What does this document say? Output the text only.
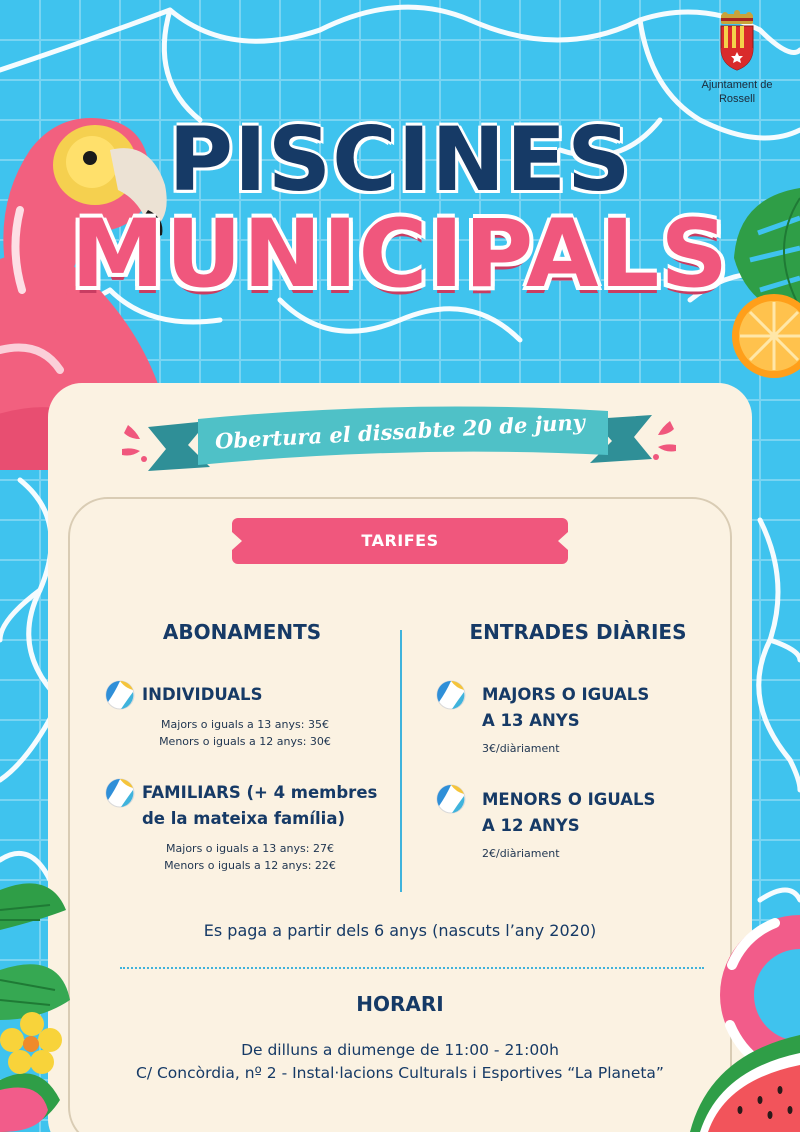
Ajuntament de
Rossell
PISCINES
MUNICIPALS
Obertura el dissabte 20 de juny
TARIFES
ABONAMENTS	ENTRADES DIÀRIES
INDIVIDUALS
Majors o iguals a 13 anys: 35€
Menors o iguals a 12 anys: 30€
FAMILIARS (+ 4 membres
de la mateixa família)
Majors o iguals a 13 anys: 27€
Menors o iguals a 12 anys: 22€
MAJORS O IGUALS
A 13 ANYS
3€/diàriament
MENORS O IGUALS
A 12 ANYS
2€/diàriament
Es paga a partir dels 6 anys (nascuts l’any 2020)
HORARI
De dilluns a diumenge de 11:00 - 21:00h
C/ Concòrdia, nº 2 - Instal·lacions Culturals i Esportives “La Planeta”
